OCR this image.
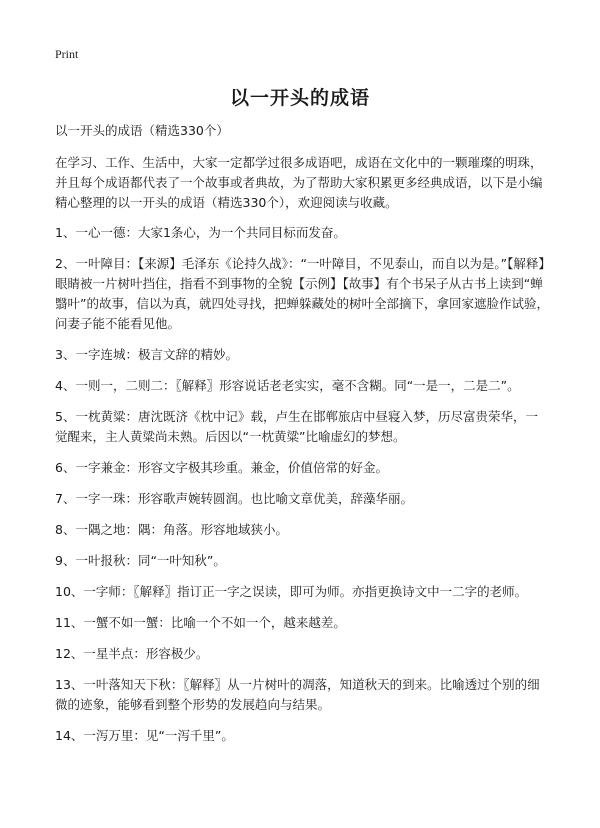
Print
以一开头的成语

以一开头的成语（精选330个）

在学习、工作、生活中，大家一定都学过很多成语吧，成语在文化中的一颗璀璨的明珠，并且每个成语都代表了一个故事或者典故，为了帮助大家积累更多经典成语，以下是小编精心整理的以一开头的成语（精选330个），欢迎阅读与收藏。

1、一心一德：大家1条心，为一个共同目标而发奋。

2、一叶障目：【来源】毛泽东《论持久战》：“一叶障目，不见泰山，而自以为是。”【解释】眼睛被一片树叶挡住，指看不到事物的全貌【示例】【故事】有个书呆子从古书上读到“蝉翳叶”的故事，信以为真，就四处寻找，把蝉躲藏处的树叶全部摘下，拿回家遮脸作试验，问妻子能不能看见他。

3、一字连城：极言文辞的精妙。

4、一则一，二则二：〖解释〗形容说话老老实实，毫不含糊。同“一是一，二是二”。

5、一枕黄粱：唐沈既济《枕中记》载，卢生在邯郸旅店中昼寝入梦，历尽富贵荣华，一觉醒来，主人黄粱尚未熟。后因以“一枕黄粱”比喻虚幻的梦想。

6、一字兼金：形容文字极其珍重。兼金，价值倍常的好金。

7、一字一珠：形容歌声婉转圆润。也比喻文章优美，辞藻华丽。

8、一隅之地：隅：角落。形容地域狭小。

9、一叶报秋：同“一叶知秋”。

10、一字师：〖解释〗指订正一字之误读，即可为师。亦指更换诗文中一二字的老师。

11、一蟹不如一蟹：比喻一个不如一个，越来越差。

12、一星半点：形容极少。

13、一叶落知天下秋：〖解释〗从一片树叶的凋落，知道秋天的到来。比喻透过个别的细微的迹象，能够看到整个形势的发展趋向与结果。

14、一泻万里：见“一泻千里”。
